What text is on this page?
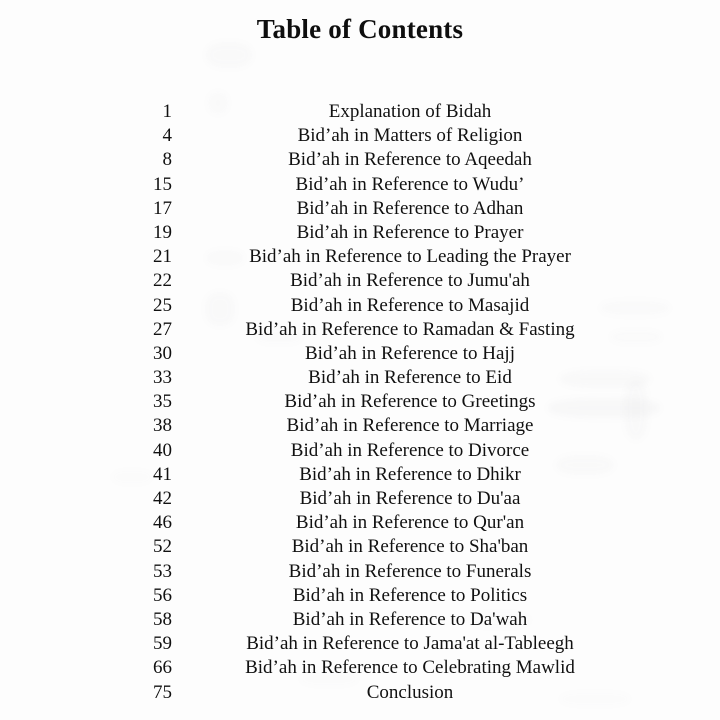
Table of Contents
1	Explanation of Bidah
4	Bid’ah in Matters of Religion
8	Bid’ah in Reference to Aqeedah
15	Bid’ah in Reference to Wudu’
17	Bid’ah in Reference to Adhan
19	Bid’ah in Reference to Prayer
21	Bid’ah in Reference to Leading the Prayer
22	Bid’ah in Reference to Jumu'ah
25	Bid’ah in Reference to Masajid
27	Bid’ah in Reference to Ramadan & Fasting
30	Bid’ah in Reference to Hajj
33	Bid’ah in Reference to Eid
35	Bid’ah in Reference to Greetings
38	Bid’ah in Reference to Marriage
40	Bid’ah in Reference to Divorce
41	Bid’ah in Reference to Dhikr
42	Bid’ah in Reference to Du'aa
46	Bid’ah in Reference to Qur'an
52	Bid’ah in Reference to Sha'ban
53	Bid’ah in Reference to Funerals
56	Bid’ah in Reference to Politics
58	Bid’ah in Reference to Da'wah
59	Bid’ah in Reference to Jama'at al-Tableegh
66	Bid’ah in Reference to Celebrating Mawlid
75	Conclusion
